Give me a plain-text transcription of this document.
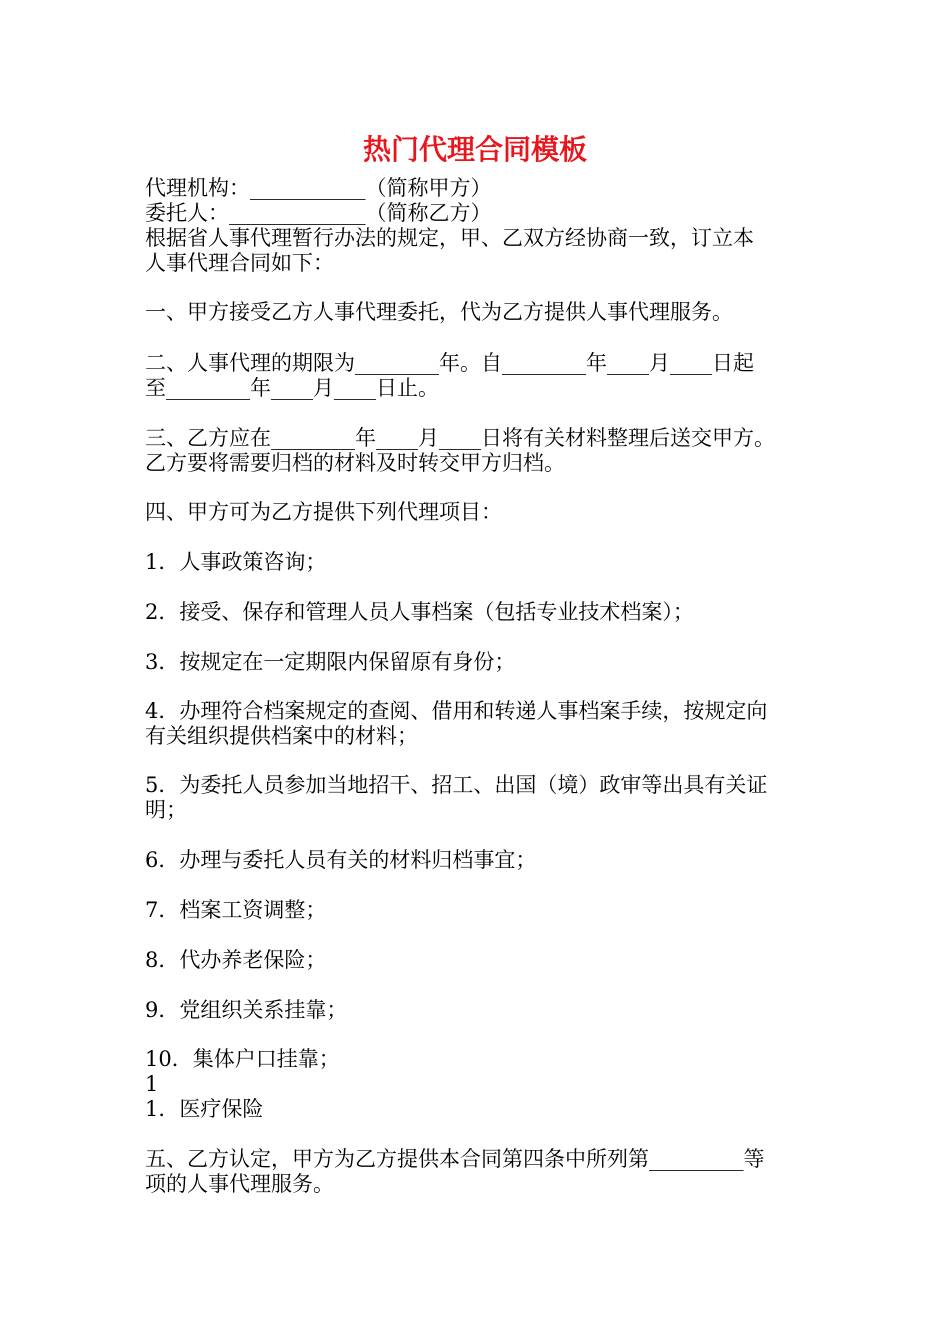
热门代理合同模板
代理机构：___________（简称甲方）
委托人：_____________（简称乙方）
根据省人事代理暂行办法的规定，甲、乙双方经协商一致，订立本
人事代理合同如下：
一、甲方接受乙方人事代理委托，代为乙方提供人事代理服务。
二、人事代理的期限为________年。自________年____月____日起
至________年____月____日止。
三、乙方应在________年____月____日将有关材料整理后送交甲方。
乙方要将需要归档的材料及时转交甲方归档。
四、甲方可为乙方提供下列代理项目：
1．人事政策咨询；
2．接受、保存和管理人员人事档案（包括专业技术档案）；
3．按规定在一定期限内保留原有身份；
4．办理符合档案规定的查阅、借用和转递人事档案手续，按规定向
有关组织提供档案中的材料；
5．为委托人员参加当地招干、招工、出国（境）政审等出具有关证
明；
6．办理与委托人员有关的材料归档事宜；
7．档案工资调整；
8．代办养老保险；
9．党组织关系挂靠；
10．集体户口挂靠；
1
1．医疗保险
五、乙方认定，甲方为乙方提供本合同第四条中所列第_________等
项的人事代理服务。
